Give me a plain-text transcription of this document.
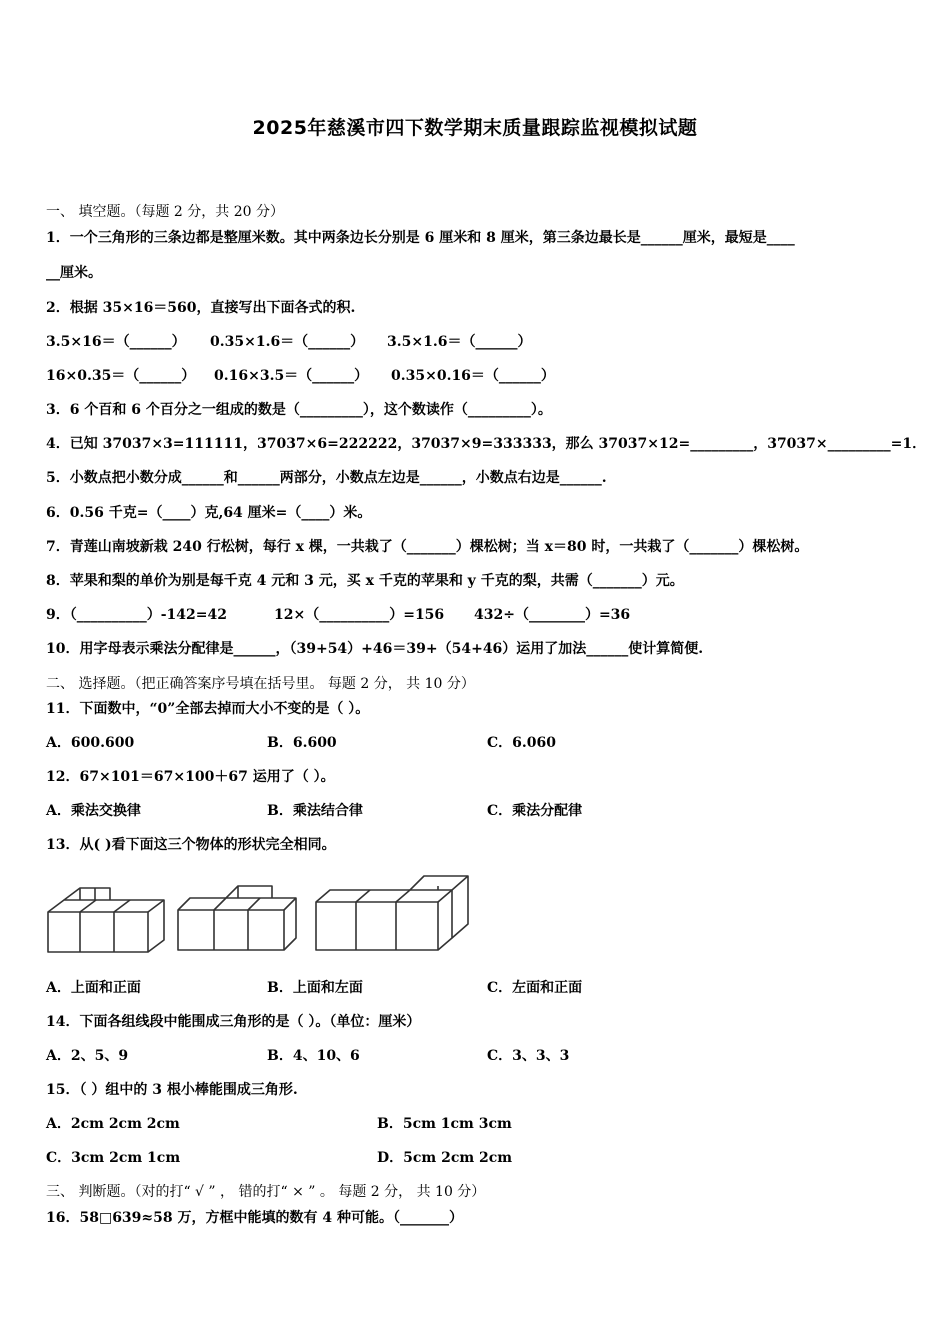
2025年慈溪市四下数学期末质量跟踪监视模拟试题
一、 填空题。（每题 2 分，共 20 分）
1．一个三角形的三条边都是整厘米数。其中两条边长分别是 6 厘米和 8 厘米，第三条边最长是______厘米，最短是____
__厘米。
2．根据 35×16＝560，直接写出下面各式的积.
3.5×16＝（______） 0.35×1.6＝（______） 3.5×1.6＝（______）
16×0.35＝（______） 0.16×3.5＝（______） 0.35×0.16＝（______）
3．6 个百和 6 个百分之一组成的数是（_________），这个数读作（_________）。
4．已知 37037×3=111111，37037×6=222222，37037×9=333333，那么 37037×12=_________，37037×_________=1．
5．小数点把小数分成______和______两部分，小数点左边是______，小数点右边是______.
6．0.56 千克=（____）克,64 厘米=（____）米。
7．青莲山南坡新栽 240 行松树，每行 x 棵，一共栽了（_______）棵松树；当 x＝80 时，一共栽了（_______）棵松树。
8．苹果和梨的单价为别是每千克 4 元和 3 元，买 x 千克的苹果和 y 千克的梨，共需（_______）元。
9．（__________）-142=42	12×（__________）=156 432÷（________）=36
10．用字母表示乘法分配律是______，（39+54）+46＝39+（54+46）运用了加法______使计算简便.
二、 选择题。（把正确答案序号填在括号里。 每题 2 分， 共 10 分）
11．下面数中，“0”全部去掉而大小不变的是（ ）。
A．600.600	B．6.600	C．6.060
12．67×101＝67×100＋67 运用了（ ）。
A．乘法交换律	B．乘法结合律	C．乘法分配律
13．从( )看下面这三个物体的形状完全相同。
A．上面和正面	B．上面和左面	C．左面和正面
14．下面各组线段中能围成三角形的是（ ）。（单位：厘米）
A．2、5、9	B．4、10、6	C．3、3、3
15．（ ）组中的 3 根小棒能围成三角形.
A．2cm 2cm 2cm	B．5cm 1cm 3cm
C．3cm 2cm 1cm	D．5cm 2cm 2cm
三、 判断题。（对的打“ √ ” ， 错的打“ × ” 。 每题 2 分， 共 10 分）
16．58□639≈58 万，方框中能填的数有 4 种可能。（_______）
